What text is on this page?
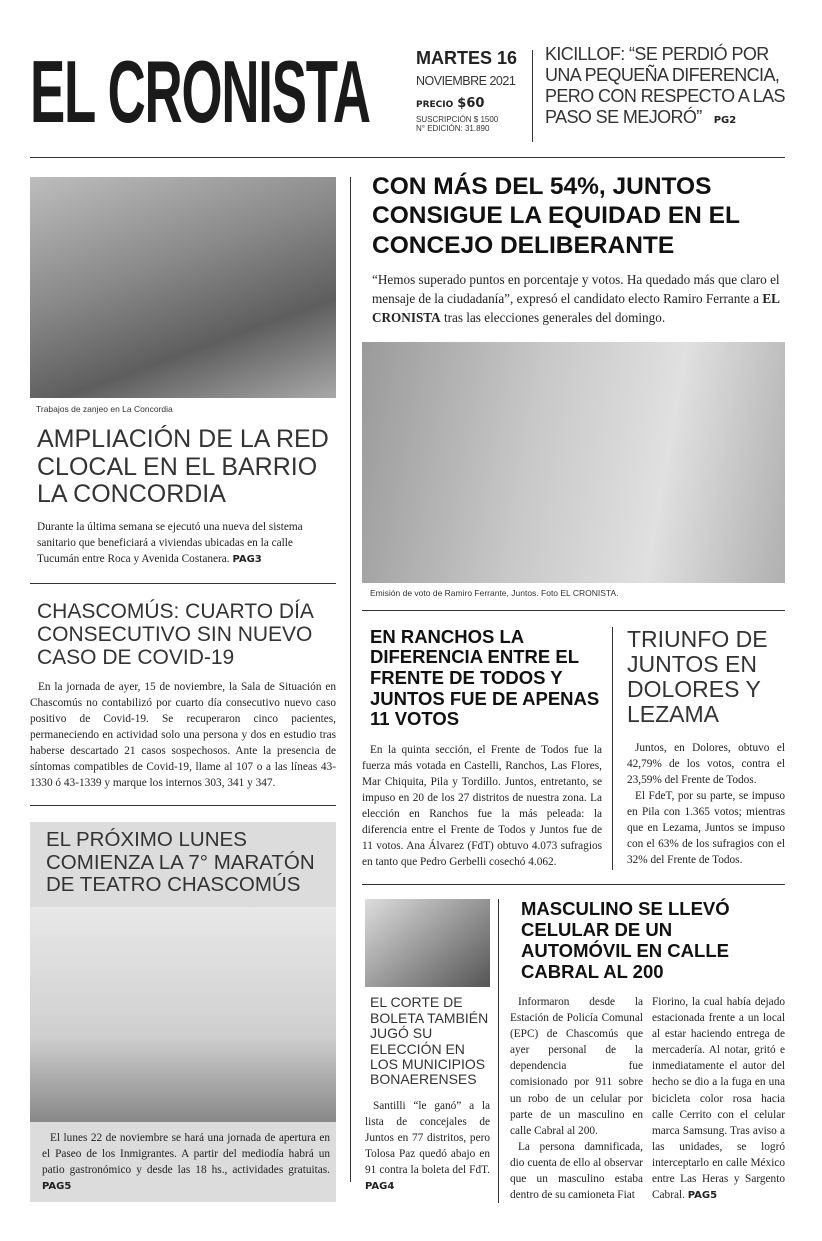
EL CRONISTA	MARTES 16
NOVIEMBRE 2021
PRECIO $60
SUSCRIPCIÓN $ 1500
N° EDICIÓN: 31.890
KICILLOF: “SE PERDIÓ POR UNA PEQUEÑA DIFERENCIA, PERO CON RESPECTO A LAS PASO SE MEJORÓ” PG2
Trabajos de zanjeo en La Concordia
AMPLIACIÓN DE LA RED CLOCAL EN EL BARRIO LA CONCORDIA
Durante la última semana se ejecutó una nueva del sistema sanitario que beneficiará a viviendas ubicadas en la calle Tucumán entre Roca y Avenida Costanera. PAG3
CHASCOMÚS: CUARTO DÍA CONSECUTIVO SIN NUEVO CASO DE COVID-19

En la jornada de ayer, 15 de noviembre, la Sala de Situación en Chascomús no contabilizó por cuarto día consecutivo nuevo caso positivo de Covid-19. Se recuperaron cinco pacientes, permaneciendo en actividad solo una persona y dos en estudio tras haberse descartado 21 casos sospechosos. Ante la presencia de síntomas compatibles de Covid-19, llame al 107 o a las líneas 43-1330 ó 43-1339 y marque los internos 303, 341 y 347.

EL PRÓXIMO LUNES COMIENZA LA 7° MARATÓN DE TEATRO CHASCOMÚS

El lunes 22 de noviembre se hará una jornada de apertura en el Paseo de los Inmigrantes. A partir del mediodía habrá un patio gastronómico y desde las 18 hs., actividades gratuitas. PAG5

CON MÁS DEL 54%, JUNTOS CONSIGUE LA EQUIDAD EN EL CONCEJO DELIBERANTE
“Hemos superado puntos en porcentaje y votos. Ha quedado más que claro el mensaje de la ciudadanía”, expresó el candidato electo Ramiro Ferrante a EL CRONISTA tras las elecciones generales del domingo.
Emisión de voto de Ramiro Ferrante, Juntos. Foto EL CRONISTA.
EN RANCHOS LA DIFERENCIA ENTRE EL FRENTE DE TODOS Y JUNTOS FUE DE APENAS 11 VOTOS

En la quinta sección, el Frente de Todos fue la fuerza más votada en Castelli, Ranchos, Las Flores, Mar Chiquita, Pila y Tordillo. Juntos, entretanto, se impuso en 20 de los 27 distritos de nuestra zona. La elección en Ranchos fue la más peleada: la diferencia entre el Frente de Todos y Juntos fue de 11 votos. Ana Álvarez (FdT) obtuvo 4.073 sufragios en tanto que Pedro Gerbelli cosechó 4.062.

TRIUNFO DE JUNTOS EN DOLORES Y LEZAMA

Juntos, en Dolores, obtuvo el 42,79% de los votos, contra el 23,59% del Frente de Todos.

El FdeT, por su parte, se impuso en Pila con 1.365 votos; mientras que en Lezama, Juntos se impuso con el 63% de los sufragios con el 32% del Frente de Todos.

EL CORTE DE BOLETA TAMBIÉN JUGÓ SU ELECCIÓN EN LOS MUNICIPIOS BONAERENSES

Santilli “le ganó” a la lista de concejales de Juntos en 77 distritos, pero Tolosa Paz quedó abajo en 91 contra la boleta del FdT. PAG4

MASCULINO SE LLEVÓ CELULAR DE UN AUTOMÓVIL EN CALLE CABRAL AL 200

Informaron desde la Estación de Policía Comunal (EPC) de Chascomús que ayer personal de la dependencia fue comisionado por 911 sobre un robo de un celular por parte de un masculino en calle Cabral al 200.

La persona damnificada, dio cuenta de ello al observar que un masculino estaba dentro de su camioneta Fiat

Fiorino, la cual había dejado estacionada frente a un local al estar haciendo entrega de mercadería. Al notar, gritó e inmediatamente el autor del hecho se dio a la fuga en una bicicleta color rosa hacia calle Cerrito con el celular marca Samsung. Tras aviso a las unidades, se logró interceptarlo en calle México entre Las Heras y Sargento Cabral. PAG5
